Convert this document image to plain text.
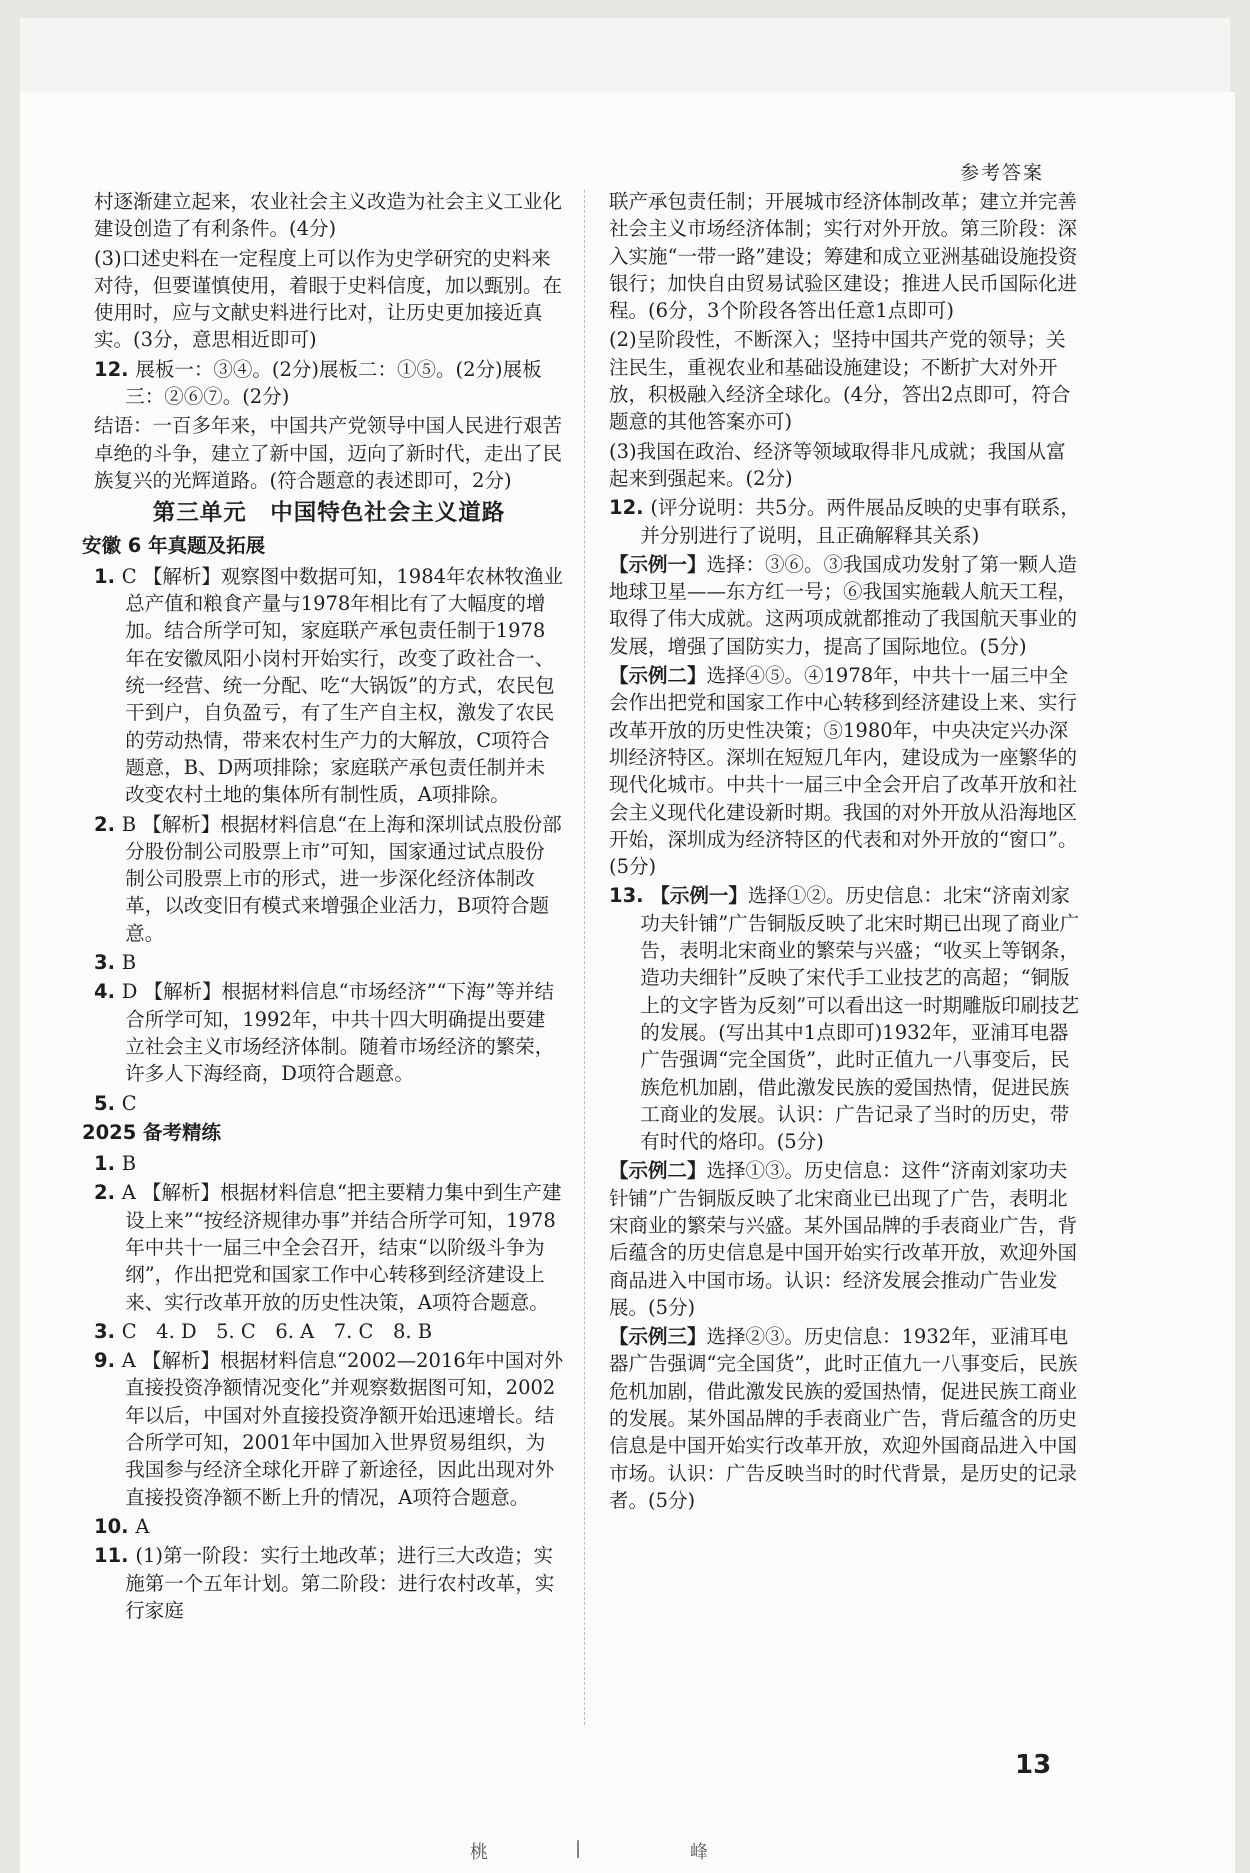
参考答案

村逐渐建立起来，农业社会主义改造为社会主义工业化建设创造了有利条件。(4分)

(3)口述史料在一定程度上可以作为史学研究的史料来对待，但要谨慎使用，着眼于史料信度，加以甄别。在使用时，应与文献史料进行比对，让历史更加接近真实。(3分，意思相近即可)

12. 展板一：③④。(2分)展板二：①⑤。(2分)展板三：②⑥⑦。(2分)

结语：一百多年来，中国共产党领导中国人民进行艰苦卓绝的斗争，建立了新中国，迈向了新时代，走出了民族复兴的光辉道路。(符合题意的表述即可，2分)

第三单元　中国特色社会主义道路

安徽 6 年真题及拓展

1. C 【解析】观察图中数据可知，1984年农林牧渔业总产值和粮食产量与1978年相比有了大幅度的增加。结合所学可知，家庭联产承包责任制于1978年在安徽凤阳小岗村开始实行，改变了政社合一、统一经营、统一分配、吃“大锅饭”的方式，农民包干到户，自负盈亏，有了生产自主权，激发了农民的劳动热情，带来农村生产力的大解放，C项符合题意，B、D两项排除；家庭联产承包责任制并未改变农村土地的集体所有制性质，A项排除。

2. B 【解析】根据材料信息“在上海和深圳试点股份部分股份制公司股票上市”可知，国家通过试点股份制公司股票上市的形式，进一步深化经济体制改革，以改变旧有模式来增强企业活力，B项符合题意。

3. B

4. D 【解析】根据材料信息“市场经济”“下海”等并结合所学可知，1992年，中共十四大明确提出要建立社会主义市场经济体制。随着市场经济的繁荣，许多人下海经商，D项符合题意。

5. C

2025 备考精练

1. B

2. A 【解析】根据材料信息“把主要精力集中到生产建设上来”“按经济规律办事”并结合所学可知，1978年中共十一届三中全会召开，结束“以阶级斗争为纲”，作出把党和国家工作中心转移到经济建设上来、实行改革开放的历史性决策，A项符合题意。

3. C　4. D　5. C　6. A　7. C　8. B

9. A 【解析】根据材料信息“2002—2016年中国对外直接投资净额情况变化”并观察数据图可知，2002年以后，中国对外直接投资净额开始迅速增长。结合所学可知，2001年中国加入世界贸易组织，为我国参与经济全球化开辟了新途径，因此出现对外直接投资净额不断上升的情况，A项符合题意。

10. A

11. (1)第一阶段：实行土地改革；进行三大改造；实施第一个五年计划。第二阶段：进行农村改革，实行家庭

联产承包责任制；开展城市经济体制改革；建立并完善社会主义市场经济体制；实行对外开放。第三阶段：深入实施“一带一路”建设；筹建和成立亚洲基础设施投资银行；加快自由贸易试验区建设；推进人民币国际化进程。(6分，3个阶段各答出任意1点即可)

(2)呈阶段性，不断深入；坚持中国共产党的领导；关注民生，重视农业和基础设施建设；不断扩大对外开放，积极融入经济全球化。(4分，答出2点即可，符合题意的其他答案亦可)

(3)我国在政治、经济等领域取得非凡成就；我国从富起来到强起来。(2分)

12. (评分说明：共5分。两件展品反映的史事有联系，并分别进行了说明，且正确解释其关系)

【示例一】选择：③⑥。③我国成功发射了第一颗人造地球卫星——东方红一号；⑥我国实施载人航天工程，取得了伟大成就。这两项成就都推动了我国航天事业的发展，增强了国防实力，提高了国际地位。(5分)

【示例二】选择④⑤。④1978年，中共十一届三中全会作出把党和国家工作中心转移到经济建设上来、实行改革开放的历史性决策；⑤1980年，中央决定兴办深圳经济特区。深圳在短短几年内，建设成为一座繁华的现代化城市。中共十一届三中全会开启了改革开放和社会主义现代化建设新时期。我国的对外开放从沿海地区开始，深圳成为经济特区的代表和对外开放的“窗口”。(5分)

13. 【示例一】选择①②。历史信息：北宋“济南刘家功夫针铺”广告铜版反映了北宋时期已出现了商业广告，表明北宋商业的繁荣与兴盛；“收买上等钢条，造功夫细针”反映了宋代手工业技艺的高超；“铜版上的文字皆为反刻”可以看出这一时期雕版印刷技艺的发展。(写出其中1点即可)1932年，亚浦耳电器广告强调“完全国货”，此时正值九一八事变后，民族危机加剧，借此激发民族的爱国热情，促进民族工商业的发展。认识：广告记录了当时的历史，带有时代的烙印。(5分)

【示例二】选择①③。历史信息：这件“济南刘家功夫针铺”广告铜版反映了北宋商业已出现了广告，表明北宋商业的繁荣与兴盛。某外国品牌的手表商业广告，背后蕴含的历史信息是中国开始实行改革开放，欢迎外国商品进入中国市场。认识：经济发展会推动广告业发展。(5分)

【示例三】选择②③。历史信息：1932年，亚浦耳电器广告强调“完全国货”，此时正值九一八事变后，民族危机加剧，借此激发民族的爱国热情，促进民族工商业的发展。某外国品牌的手表商业广告，背后蕴含的历史信息是中国开始实行改革开放，欢迎外国商品进入中国市场。认识：广告反映当时的时代背景，是历史的记录者。(5分)

13
桃	|	峰
